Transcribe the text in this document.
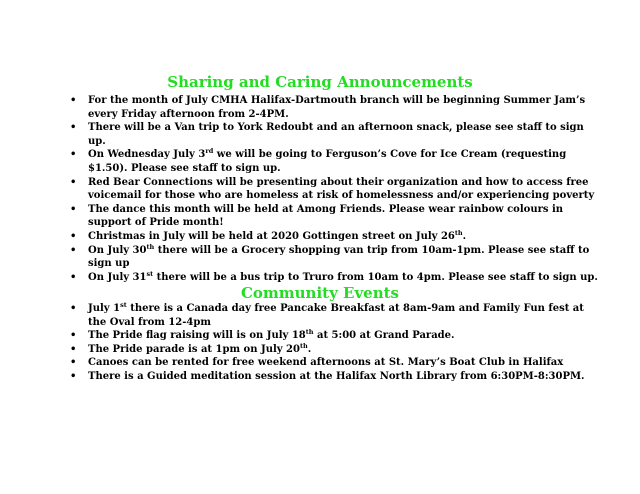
Sharing and Caring Announcements
• For the month of July CMHA Halifax-Dartmouth branch will be beginning Summer Jam’s every Friday afternoon from 2-4PM.
• There will be a Van trip to York Redoubt and an afternoon snack, please see staff to sign up.
• On Wednesday July 3rd we will be going to Ferguson’s Cove for Ice Cream (requesting $1.50). Please see staff to sign up.
• Red Bear Connections will be presenting about their organization and how to access free voicemail for those who are homeless at risk of homelessness and/or experiencing poverty
• The dance this month will be held at Among Friends. Please wear rainbow colours in support of Pride month!
• Christmas in July will be held at 2020 Gottingen street on July 26th.
• On July 30th there will be a Grocery shopping van trip from 10am-1pm. Please see staff to sign up
• On July 31st there will be a bus trip to Truro from 10am to 4pm. Please see staff to sign up.
Community Events
• July 1st there is a Canada day free Pancake Breakfast at 8am-9am and Family Fun fest at the Oval from 12-4pm
• The Pride flag raising will is on July 18th at 5:00 at Grand Parade.
• The Pride parade is at 1pm on July 20th.
• Canoes can be rented for free weekend afternoons at St. Mary’s Boat Club in Halifax
• There is a Guided meditation session at the Halifax North Library from 6:30PM-8:30PM.
